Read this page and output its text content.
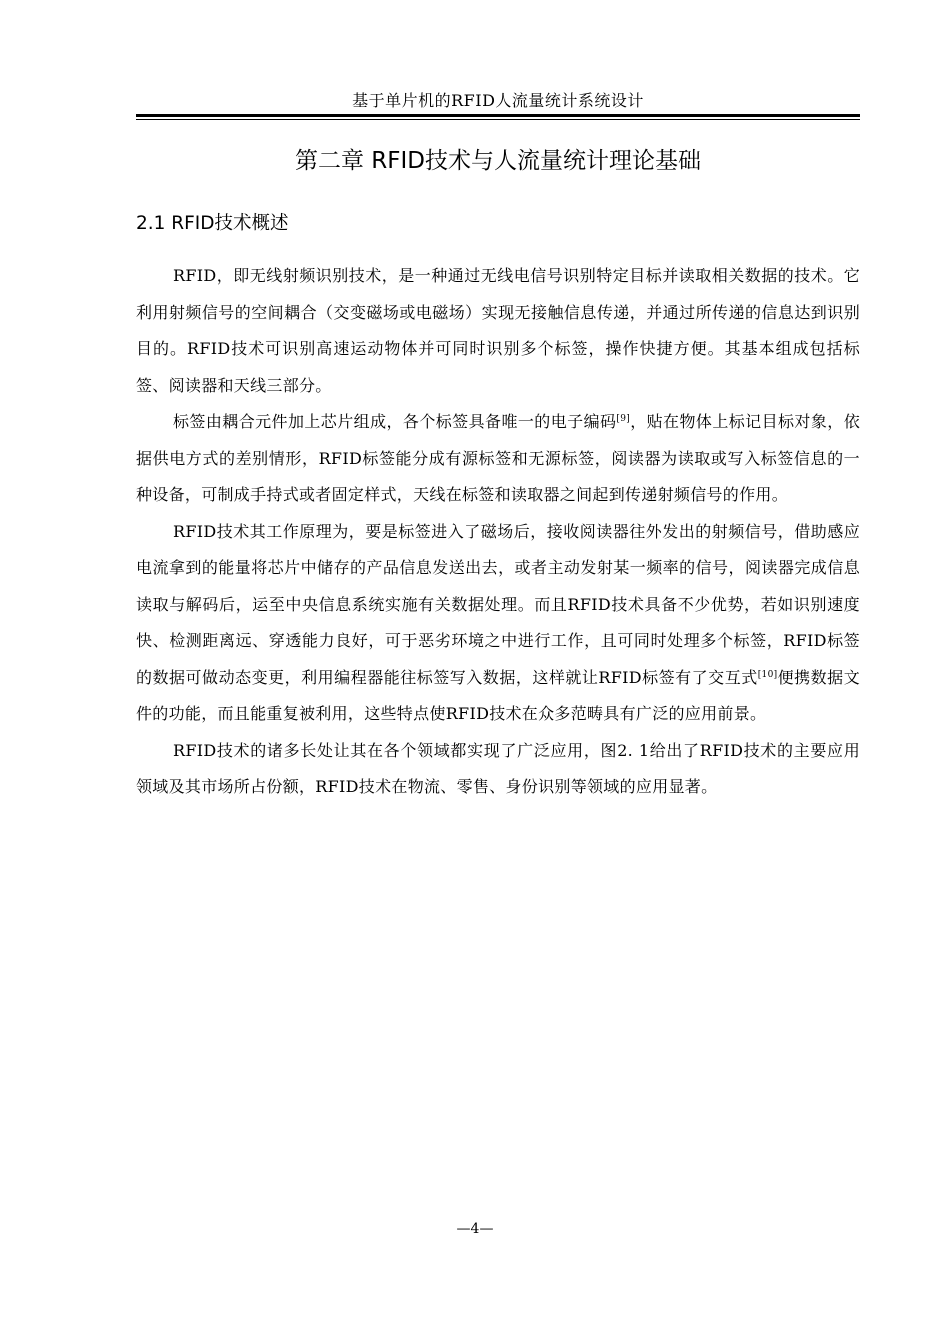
基于单片机的RFID人流量统计系统设计
第二章 RFID技术与人流量统计理论基础
2.1 RFID技术概述

RFID，即无线射频识别技术，是一种通过无线电信号识别特定目标并读取相关数据的技术。它利用射频信号的空间耦合（交变磁场或电磁场）实现无接触信息传递，并通过所传递的信息达到识别目的。RFID技术可识别高速运动物体并可同时识别多个标签，操作快捷方便。其基本组成包括标签、阅读器和天线三部分。

标签由耦合元件加上芯片组成，各个标签具备唯一的电子编码[9]，贴在物体上标记目标对象，依据供电方式的差别情形，RFID标签能分成有源标签和无源标签，阅读器为读取或写入标签信息的一种设备，可制成手持式或者固定样式，天线在标签和读取器之间起到传递射频信号的作用。

RFID技术其工作原理为，要是标签进入了磁场后，接收阅读器往外发出的射频信号，借助感应电流拿到的能量将芯片中储存的产品信息发送出去，或者主动发射某一频率的信号，阅读器完成信息读取与解码后，运至中央信息系统实施有关数据处理。而且RFID技术具备不少优势，若如识别速度快、检测距离远、穿透能力良好，可于恶劣环境之中进行工作，且可同时处理多个标签，RFID标签的数据可做动态变更，利用编程器能往标签写入数据，这样就让RFID标签有了交互式[10]便携数据文件的功能，而且能重复被利用，这些特点使RFID技术在众多范畴具有广泛的应用前景。

RFID技术的诸多长处让其在各个领域都实现了广泛应用，图2. 1给出了RFID技术的主要应用领域及其市场所占份额，RFID技术在物流、零售、身份识别等领域的应用显著。

—4—
